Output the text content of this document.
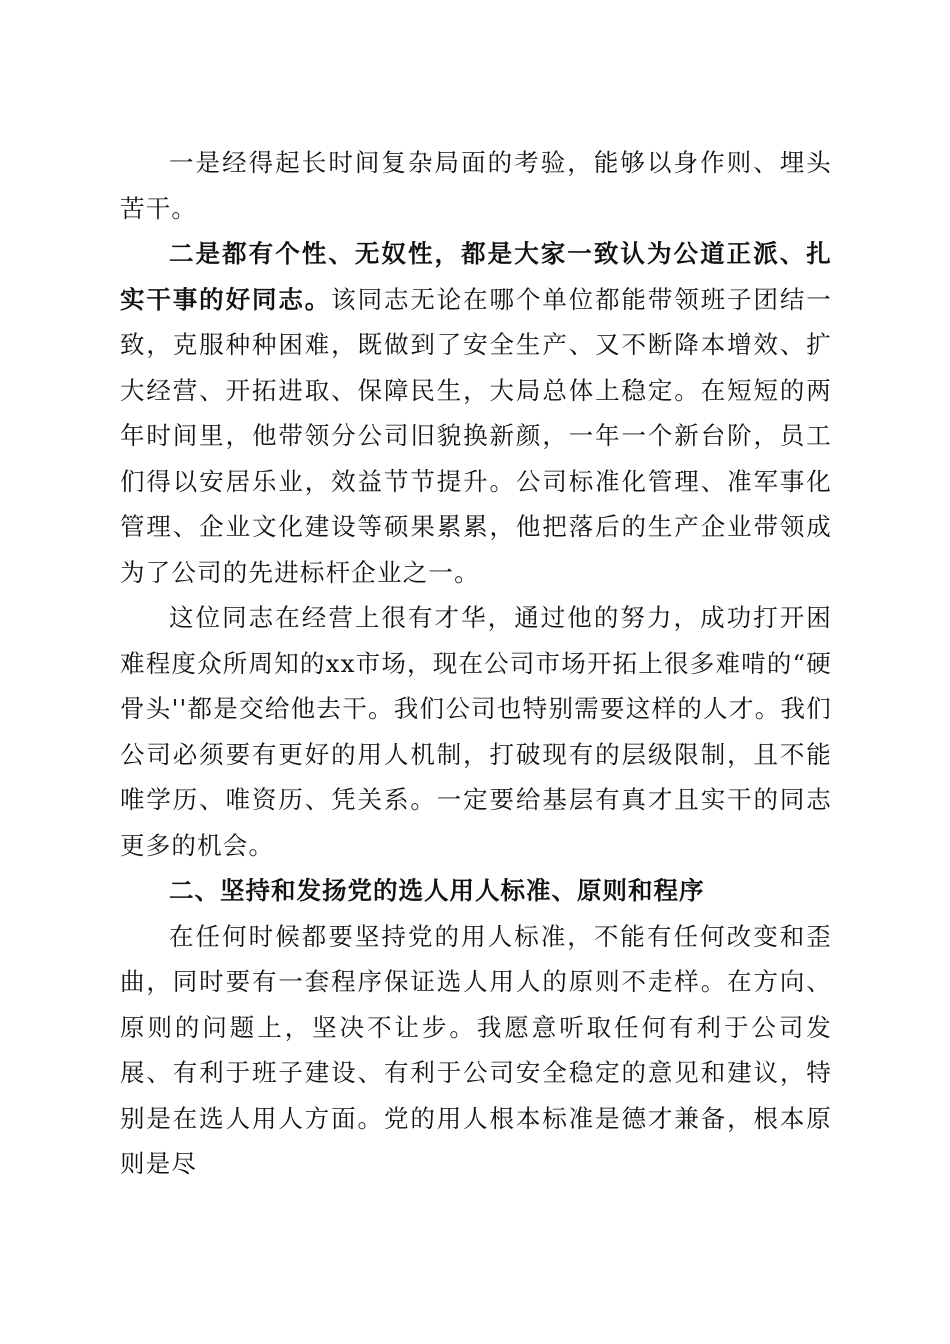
一是经得起长时间复杂局面的考验，能够以身作则、埋头苦干。

二是都有个性、无奴性，都是大家一致认为公道正派、扎实干事的好同志。该同志无论在哪个单位都能带领班子团结一致，克服种种困难，既做到了安全生产、又不断降本增效、扩大经营、开拓进取、保障民生，大局总体上稳定。在短短的两年时间里，他带领分公司旧貌换新颜，一年一个新台阶，员工们得以安居乐业，效益节节提升。公司标准化管理、准军事化管理、企业文化建设等硕果累累，他把落后的生产企业带领成为了公司的先进标杆企业之一。

这位同志在经营上很有才华，通过他的努力，成功打开困难程度众所周知的xx市场，现在公司市场开拓上很多难啃的“硬骨头''都是交给他去干。我们公司也特别需要这样的人才。我们公司必须要有更好的用人机制，打破现有的层级限制，且不能唯学历、唯资历、凭关系。一定要给基层有真才且实干的同志更多的机会。

二、坚持和发扬党的选人用人标准、原则和程序

在任何时候都要坚持党的用人标准，不能有任何改变和歪曲，同时要有一套程序保证选人用人的原则不走样。在方向、原则的问题上，坚决不让步。我愿意听取任何有利于公司发展、有利于班子建设、有利于公司安全稳定的意见和建议，特别是在选人用人方面。党的用人根本标准是德才兼备，根本原则是尽
